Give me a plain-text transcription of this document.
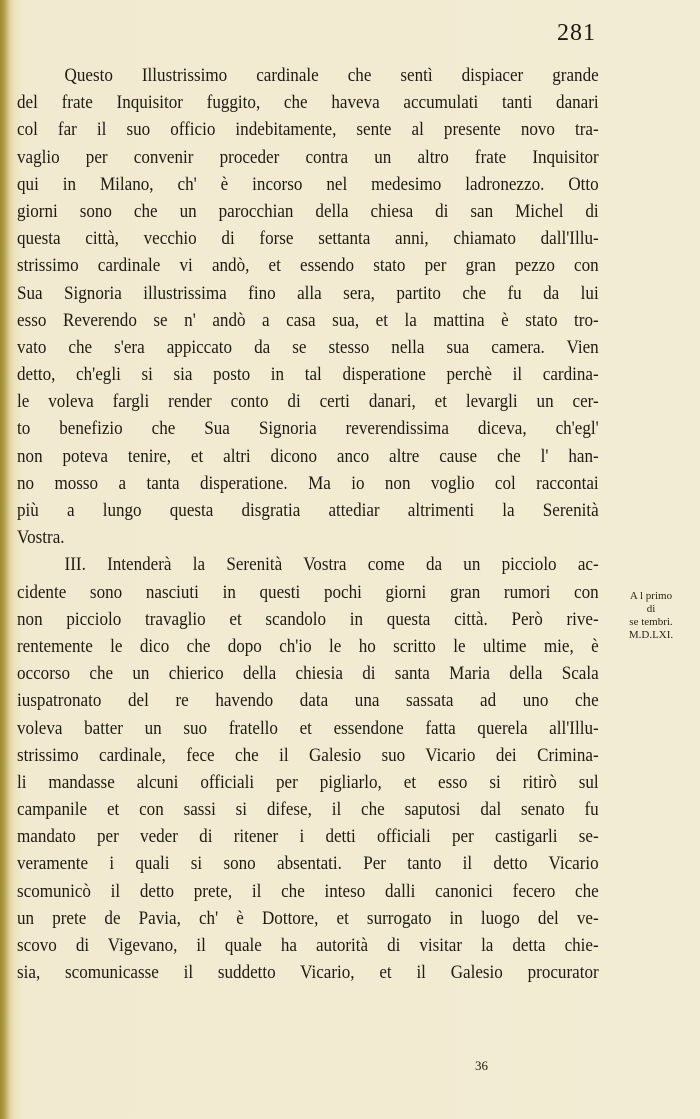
281
Questo Illustrissimo cardinale che sentì dispiacer grande
del frate Inquisitor fuggito, che haveva accumulati tanti danari
col far il suo officio indebitamente, sente al presente novo tra-
vaglio per convenir proceder contra un altro frate Inquisitor
qui in Milano, ch' è incorso nel medesimo ladronezzo. Otto
giorni sono che un parocchian della chiesa di san Michel di
questa città, vecchio di forse settanta anni, chiamato dall'Illu-
strissimo cardinale vi andò, et essendo stato per gran pezzo con
Sua Signoria illustrissima fino alla sera, partito che fu da lui
esso Reverendo se n' andò a casa sua, et la mattina è stato tro-
vato che s'era appiccato da se stesso nella sua camera. Vien
detto, ch'egli si sia posto in tal disperatione perchè il cardina-
le voleva fargli render conto di certi danari, et levargli un cer-
to benefizio che Sua Signoria reverendissima diceva, ch'egl'
non poteva tenire, et altri dicono anco altre cause che l' han-
no mosso a tanta disperatione. Ma io non voglio col raccontai
più a lungo questa disgratia attediar altrimenti la Serenità
Vostra.
III. Intenderà la Serenità Vostra come da un picciolo ac-
cidente sono nasciuti in questi pochi giorni gran rumori con
non picciolo travaglio et scandolo in questa città. Però rive-
rentemente le dico che dopo ch'io le ho scritto le ultime mie, è
occorso che un chierico della chiesia di santa Maria della Scala
iuspatronato del re havendo data una sassata ad uno che
voleva batter un suo fratello et essendone fatta querela all'Illu-
strissimo cardinale, fece che il Galesio suo Vicario dei Crimina-
li mandasse alcuni officiali per pigliarlo, et esso si ritirò sul
campanile et con sassi si difese, il che saputosi dal senato fu
mandato per veder di ritener i detti officiali per castigarli se-
veramente i quali si sono absentati. Per tanto il detto Vicario
scomunicò il detto prete, il che inteso dalli canonici fecero che
un prete de Pavia, ch' è Dottore, et surrogato in luogo del ve-
scovo di Vigevano, il quale ha autorità di visitar la detta chie-
sia, scomunicasse il suddetto Vicario, et il Galesio procurator
A l primo
di
se tembri.
M.D.LXI.
36
